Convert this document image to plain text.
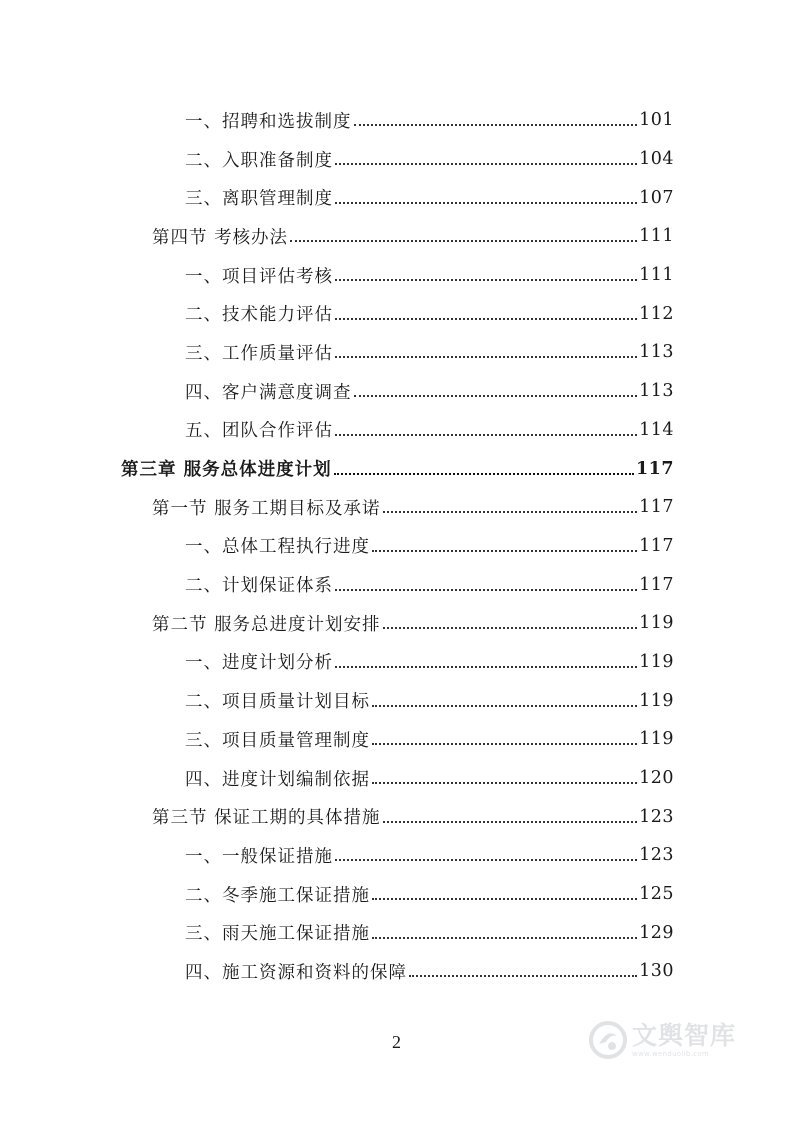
一、招聘和选拔制度	101
二、入职准备制度	104
三、离职管理制度	107
第四节 考核办法	111
一、项目评估考核	111
二、技术能力评估	112
三、工作质量评估	113
四、客户满意度调查	113
五、团队合作评估	114
第三章 服务总体进度计划	117
第一节 服务工期目标及承诺	117
一、总体工程执行进度	117
二、计划保证体系	117
第二节 服务总进度计划安排	119
一、进度计划分析	119
二、项目质量计划目标	119
三、项目质量管理制度	119
四、进度计划编制依据	120
第三节 保证工期的具体措施	123
一、一般保证措施	123
二、冬季施工保证措施	125
三、雨天施工保证措施	129
四、施工资源和资料的保障	130
2	文舆智库
www.wenduolib.com
